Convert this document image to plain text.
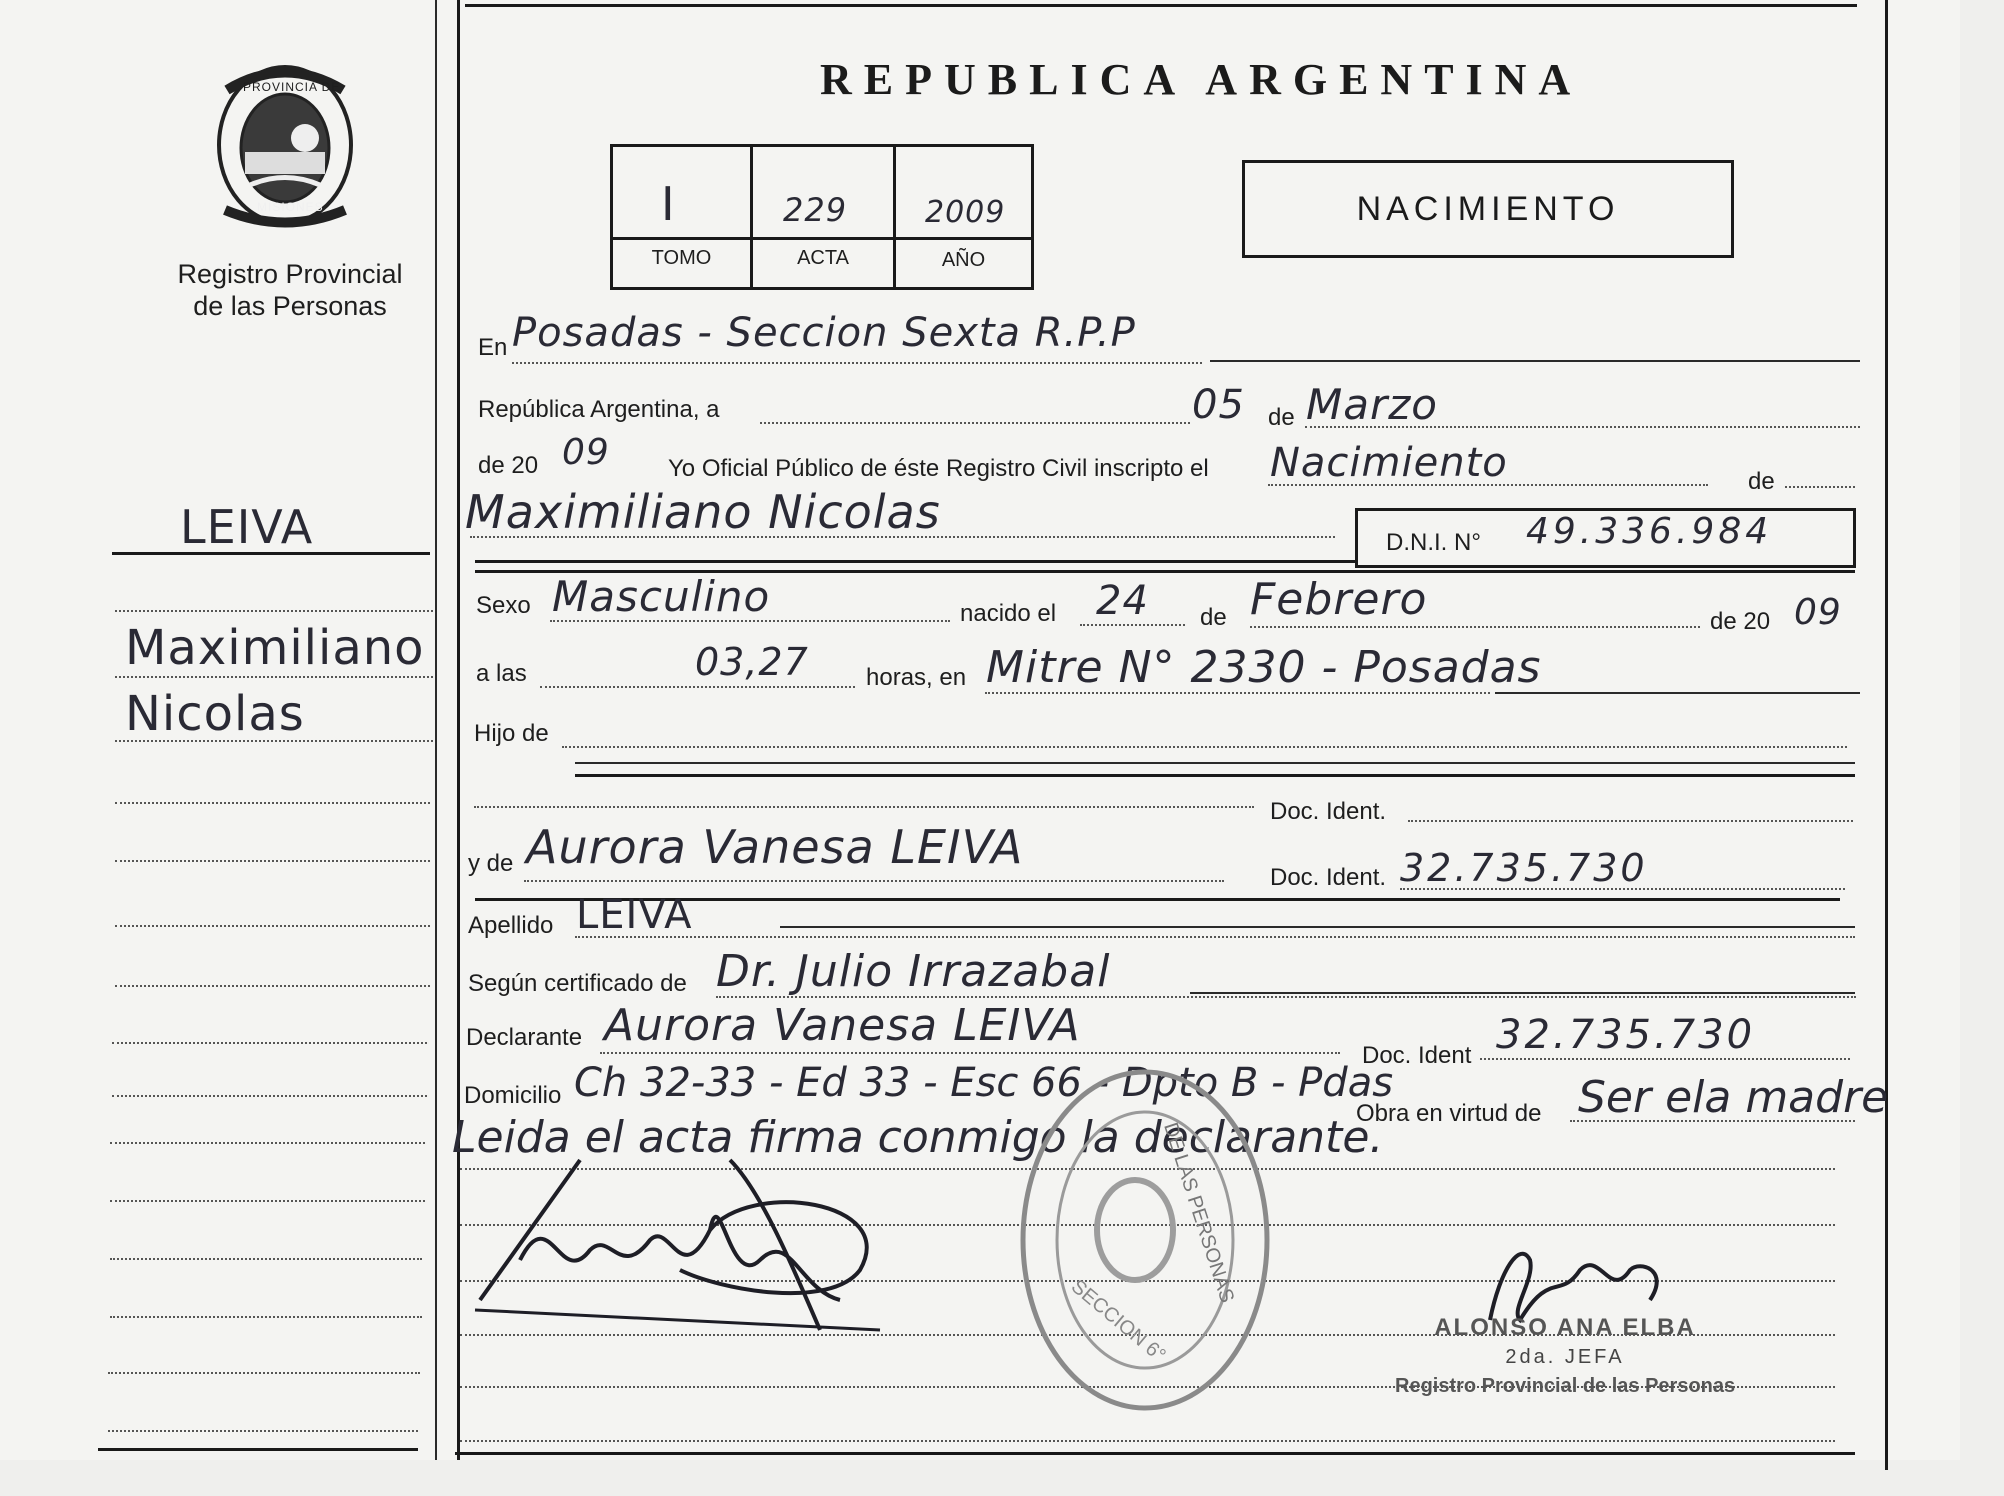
PROVINCIA DE
MISIONES
Registro Provincial
de las Personas
REPUBLICA ARGENTINA
I	229	2009
TOMO	ACTA	AÑO
NACIMIENTO
LEIVA
Maximiliano
Nicolas
En Posadas - Seccion Sexta R.P.P
República Argentina, a	05 de Marzo
de 20 09 Yo Oficial Público de éste Registro Civil inscripto el Nacimiento	de
Maximiliano Nicolas
D.N.I. N° 49.336.984
Sexo Masculino	nacido el 24 de Febrero	de 20 09
a las	03,27 horas, en Mitre N° 2330 - Posadas
Hijo de
Doc. Ident.
y de Aurora Vanesa LEIVA
Doc. Ident. 32.735.730
Apellido LEIVA
Según certificado de Dr. Julio Irrazabal
Declarante Aurora Vanesa LEIVA
Doc. Ident 32.735.730
Domicilio Ch 32-33 - Ed 33 - Esc 66 - Dpto B - Pdas
Obra en virtud de Ser ela madre
Leida el acta firma conmigo la declarante.
DE LAS PERSONAS
SECCION 6°	ALONSO ANA ELBA
2da. JEFA
Registro Provincial de las Personas
